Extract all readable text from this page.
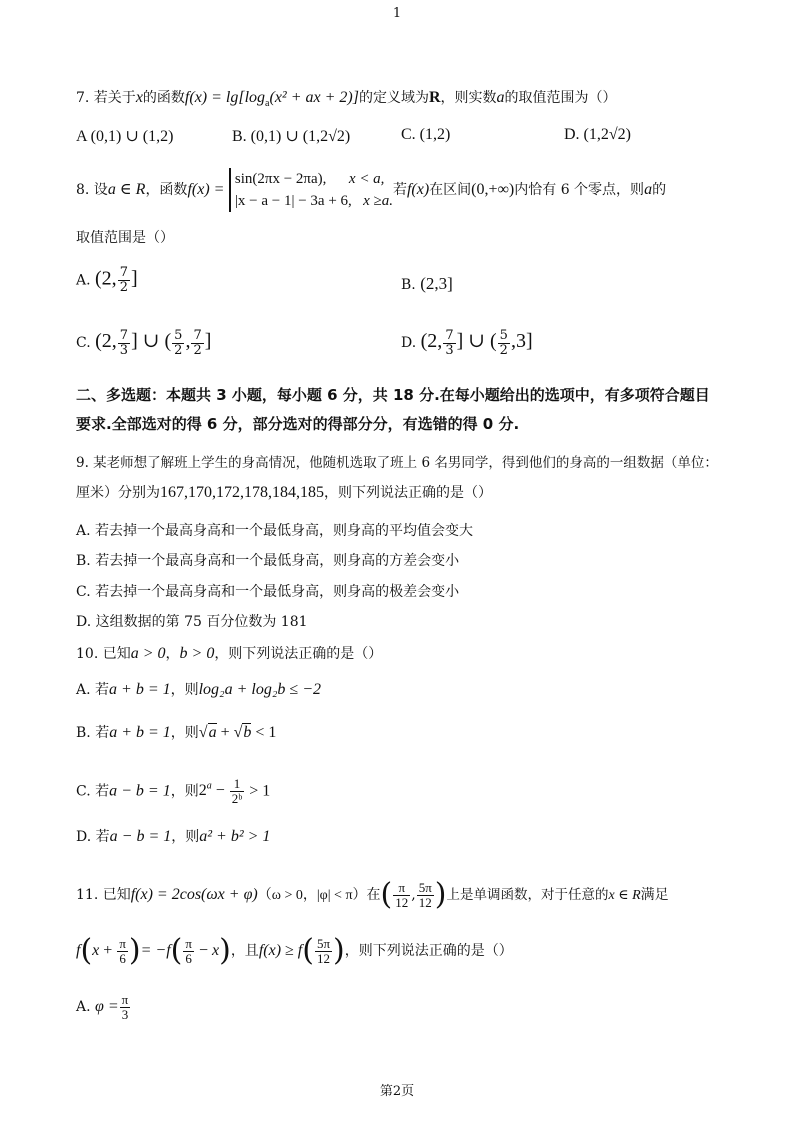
1
7. 若关于x的函数$f(x) = \lg[\log_a(x^2$ + ax + 2)]的定义域为R，则实数a的取值范围为（）
A (0,1) ∪ (1,2)	B. (0,1) ∪ (1,2√2)	C. (1,2)	D. (1,2√2)
8. 设a ∈ R，函数f(x) =
sin(2πx − 2πa), x < a,
|x − a − 1| − 3a + 6, x ≥a.
若f(x)在区间(0,+∞)内恰有 6 个零点，则a的
取值范围是（）
A. (2, $\frac{7}{2}$ ]	B. (2,3]
C. (2, $\frac{7}{3}$ ] ∪ ( $\frac{5}{2}$ , $\frac{7}{2}$ ]	D. (2, $\frac{7}{3}$ ] ∪ ( $\frac{5}{2} ,3$]
二、多选题：本题共 3 小题，每小题 6 分，共 18 分.在每小题给出的选项中，有多项符合题目
要求.全部选对的得 6 分，部分选对的得部分分，有选错的得 0 分.
9. 某老师想了解班上学生的身高情况，他随机选取了班上 6 名男同学，得到他们的身高的一组数据（单位：
厘米）分别为167,170,172,178,184,185，则下列说法正确的是（）
A. 若去掉一个最高身高和一个最低身高，则身高的平均值会变大
B. 若去掉一个最高身高和一个最低身高，则身高的方差会变小
C. 若去掉一个最高身高和一个最低身高，则身高的极差会变小
D. 这组数据的第 75 百分位数为 181
10. 已知a > 0，b > 0，则下列说法正确的是（）
A. 若a + b = 1，则log₂a + log₂b ≤ −2
B. 若a + b = 1，则√a + √b < 1
C. 若a − b = 1，则$2^a - \frac{1}{\text{2ᵇ}} > 1$
D. 若a − b = 1，则a² + b² > 1
11. 已知f(x) = 2cos(ωx + φ)（ω > 0，|φ| < π）在( $\frac{\pi}{12}$ , $\frac{5\pi}{12}$ )上是单调函数，对于任意的x ∈ R满足
$f(x + \frac{\pi}{6}$ )= $-f( \frac{\pi}{6} - x)$，且$f(x) \ge f( \frac{5\pi}{12}$ )，则下列说法正确的是（）
A. $\varphi = \frac{\pi}{3}$
第2页
